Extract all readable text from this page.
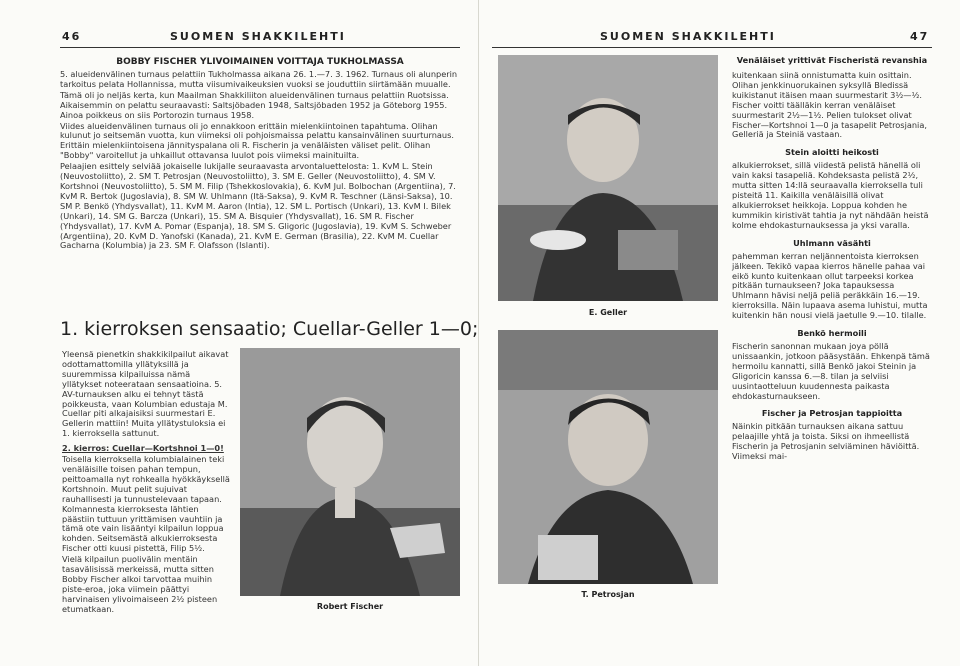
46	SUOMEN SHAKKILEHTI
BOBBY FISCHER YLIVOIMAINEN VOITTAJA TUKHOLMASSA

5. alueidenvälinen turnaus pelattiin Tukholmassa aikana 26. 1.—7. 3. 1962. Turnaus oli alunperin tarkoitus pelata Hollannissa, mutta viisumivaikeuksien vuoksi se jouduttiin siirtämään muualle.

Tämä oli jo neljäs kerta, kun Maailman Shakkiliiton alueidenvälinen turnaus pelattiin Ruotsissa. Aikaisemmin on pelattu seuraavasti: Saltsjöbaden 1948, Saltsjöbaden 1952 ja Göteborg 1955. Ainoa poikkeus on siis Portorozin turnaus 1958.

Viides alueidenvälinen turnaus oli jo ennakkoon erittäin mielenkiintoinen tapahtuma. Olihan kulunut jo seitsemän vuotta, kun viimeksi oli pohjoismaissa pelattu kansainvälinen suurturnaus. Erittäin mielenkiintoisena jännityspalana oli R. Fischerin ja venäläisten väliset pelit. Olihan "Bobby" varoitellut ja uhkaillut ottavansa luulot pois viimeksi mainituilta.

Pelaajien esittely selviää jokaiselle lukijalle seuraavasta arvontaluettelosta: 1. KvM L. Stein (Neuvostoliitto), 2. SM T. Petrosjan (Neuvostoliitto), 3. SM E. Geller (Neuvostoliitto), 4. SM V. Kortshnoi (Neuvostoliitto), 5. SM M. Filip (Tshekkoslovakia), 6. KvM Jul. Bolbochan (Argentiina), 7. KvM R. Bertok (Jugoslavia), 8. SM W. Uhlmann (Itä-Saksa), 9. KvM R. Teschner (Länsi-Saksa), 10. SM P. Benkö (Yhdysvallat), 11. KvM M. Aaron (Intia), 12. SM L. Portisch (Unkari), 13. KvM I. Bilek (Unkari), 14. SM G. Barcza (Unkari), 15. SM A. Bisquier (Yhdysvallat), 16. SM R. Fischer (Yhdysvallat), 17. KvM A. Pomar (Espanja), 18. SM S. Gligoric (Jugoslavia), 19. KvM S. Schweber (Argentiina), 20. KvM D. Yanofski (Kanada), 21. KvM E. German (Brasilia), 22. KvM M. Cuellar Gacharna (Kolumbia) ja 23. SM F. Olafsson (Islanti).

1. kierroksen sensaatio; Cuellar-Geller 1—0;

Yleensä pienetkin shakkikilpailut aikavat odottamattomilla yllätyksillä ja suuremmissa kilpailuissa nämä yllätykset noteerataan sensaatioina. 5. AV-turnauksen alku ei tehnyt tästä poikkeusta, vaan Kolumbian edustaja M. Cuellar piti alkajaisiksi suurmestari E. Gellerin mattiin! Muita yllätystuloksia ei 1. kierroksella sattunut.

2. kierros: Cuellar—Kortshnoi 1—0!

Toisella kierroksella kolumbialainen teki venäläisille toisen pahan tempun, peittoamalla nyt rohkealla hyökkäyksellä Kortshnoin. Muut pelit sujuivat rauhallisesti ja tunnustelevaan tapaan. Kolmannesta kierroksesta lähtien päästiin tuttuun yrittämisen vauhtiin ja tämä ote vain lisääntyi kilpailun loppua kohden. Seitsemästä alkukierroksesta Fischer otti kuusi pistettä, Filip 5½.

Vielä kilpailun puolivälin mentäin tasavälisissä merkeissä, mutta sitten Bobby Fischer alkoi tarvottaa muihin piste-eroa, joka viimein päättyi harvinaisen ylivoimaiseen 2½ pisteen etumatkaan.	Robert Fischer
SUOMEN SHAKKILEHTI	47
E. Geller
T. Petrosjan
Venäläiset yrittivät Fischeristä revanshia

kuitenkaan siinä onnistumatta kuin osittain. Olihan jenkkinuorukainen syksyllä Bledissä kuikistanut itäisen maan suurmestarit 3½—½. Fischer voitti täälläkin kerran venäläiset suurmestarit 2½—1½. Pelien tulokset olivat Fischer—Kortshnoi 1—0 ja tasapelit Petrosjania, Gelleriä ja Steiniä vastaan.

Stein aloitti heikosti

alkukierrokset, sillä viidestä pelistä hänellä oli vain kaksi tasapeliä. Kohdeksasta pelistä 2½, mutta sitten 14:llä seuraavalla kierroksella tuli pisteitä 11. Kaikilla venäläisillä olivat alkukierrokset heikkoja. Loppua kohden he kummikin kiristivät tahtia ja nyt nähdään heistä kolme ehdokasturnauksessa ja yksi varalla.

Uhlmann väsähti

pahemman kerran neljännentoista kierroksen jälkeen. Tekikö vapaa kierros hänelle pahaa vai eikö kunto kuitenkaan ollut tarpeeksi korkea pitkään turnaukseen? Joka tapauksessa Uhlmann hävisi neljä peliä peräkkäin 16.—19. kierroksilla. Näin lupaava asema luhistui, mutta kuitenkin hän nousi vielä jaetulle 9.—10. tilalle.

Benkö hermoili

Fischerin sanonnan mukaan joya pöllä unissaankin, jotkoon pääsystään. Ehkenpä tämä hermoilu kannatti, sillä Benkö jakoi Steinin ja Gligoricin kanssa 6.—8. tilan ja selviisi uusintaotteluun kuudennesta paikasta ehdokasturnaukseen.

Fischer ja Petrosjan tappioitta

Näinkin pitkään turnauksen aikana sattuu pelaajille yhtä ja toista. Siksi on ihmeellistä Fischerin ja Petrosjanin selviäminen häviöittä. Viimeksi mai-
